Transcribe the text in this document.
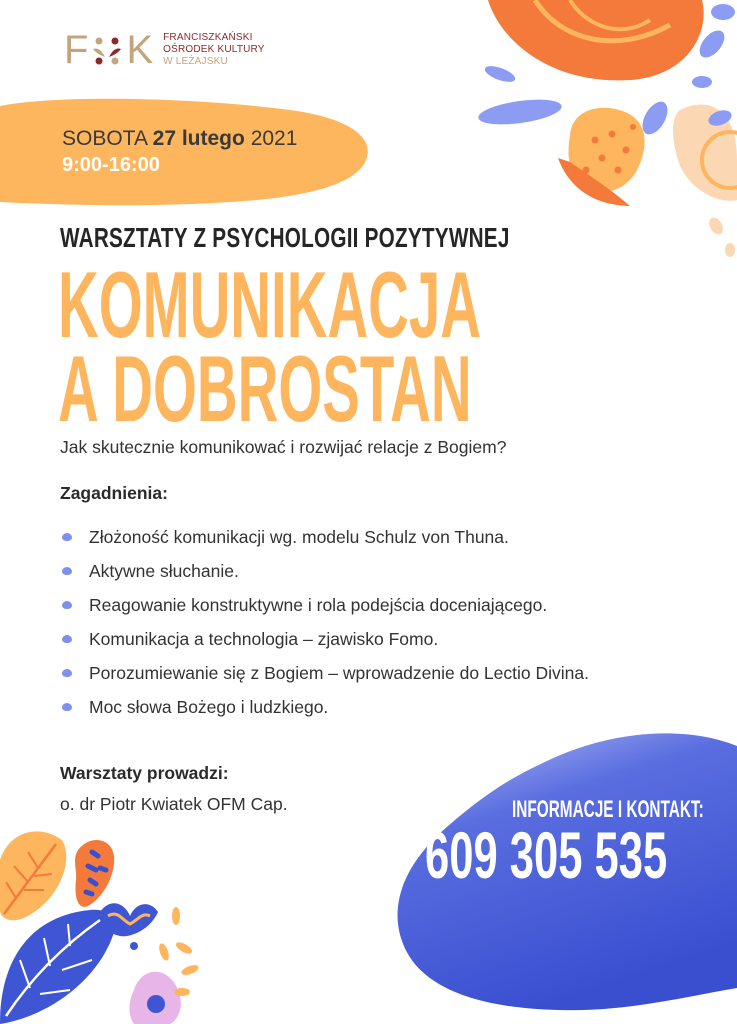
F K FRANCISZKAŃSKI
OŚRODEK KULTURY
W LEŻAJSKU
SOBOTA 27 lutego 2021
9:00-16:00
WARSZTATY Z PSYCHOLOGII POZYTYWNEJ
KOMUNIKACJA
A DOBROSTAN
Jak skutecznie komunikować i rozwijać relacje z Bogiem?
Zagadnienia:
Złożoność komunikacji wg. modelu Schulz von Thuna.
Aktywne słuchanie.
Reagowanie konstruktywne i rola podejścia doceniającego.
Komunikacja a technologia – zjawisko Fomo.
Porozumiewanie się z Bogiem – wprowadzenie do Lectio Divina.
Moc słowa Bożego i ludzkiego.
Warsztaty prowadzi:
o. dr Piotr Kwiatek OFM Cap.	INFORMACJE I KONTAKT:
609 305 535
